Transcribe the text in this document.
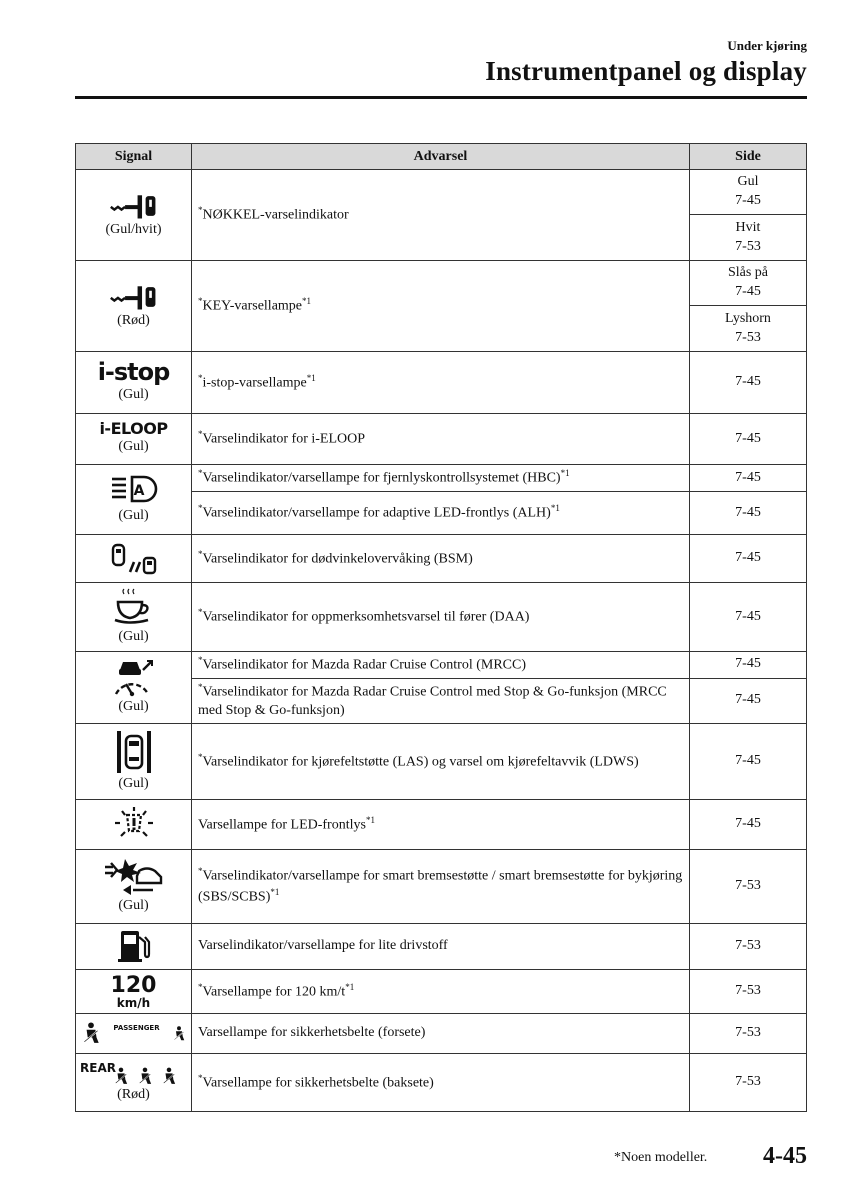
Under kjøring
Instrumentpanel og display
Signal	Advarsel	Side

(Gul/hvit)	*NØKKEL-varselindikator	Gul
7-45
		Hvit
7-53

(Rød)	*KEY-varsellampe$^{*1}$	Slås på
7-45
		Lyshorn
7-53

i-stop
(Gul)	*i-stop-varsellampe$^{*1}$	7-45

i-ELOOP
(Gul)	*Varselindikator for i-ELOOP	7-45

A
(Gul)	*Varselindikator/varsellampe for fjernlyskontrollsystemet (HBC)$^{*1}$	7-45
	*Varselindikator/varsellampe for adaptive LED-frontlys (ALH)$^{*1}$	7-45

	*Varselindikator for dødvinkelovervåking (BSM)	7-45

(Gul)	*Varselindikator for oppmerksomhetsvarsel til fører (DAA)	7-45

(Gul)	*Varselindikator for Mazda Radar Cruise Control (MRCC)	7-45
	*Varselindikator for Mazda Radar Cruise Control med Stop & Go-funksjon (MRCC med Stop & Go-funksjon)	7-45

(Gul)	*Varselindikator for kjørefeltstøtte (LAS) og varsel om kjørefeltavvik (LDWS)	7-45

	Varsellampe for LED-frontlys$^{*1}$	7-45

(Gul)	*Varselindikator/varsellampe for smart bremsestøtte / smart bremsestøtte for bykjøring (SBS/SCBS)$^{*1}$	7-53

	Varselindikator/varsellampe for lite drivstoff	7-53

120
km/h	*Varsellampe for 120 $km/t^{*1}$	7-53

PASSENGER	Varsellampe for sikkerhetsbelte (forsete)	7-53

REAR
(Rød)	*Varsellampe for sikkerhetsbelte (baksete)	7-53
*Noen modeller. 4-45
